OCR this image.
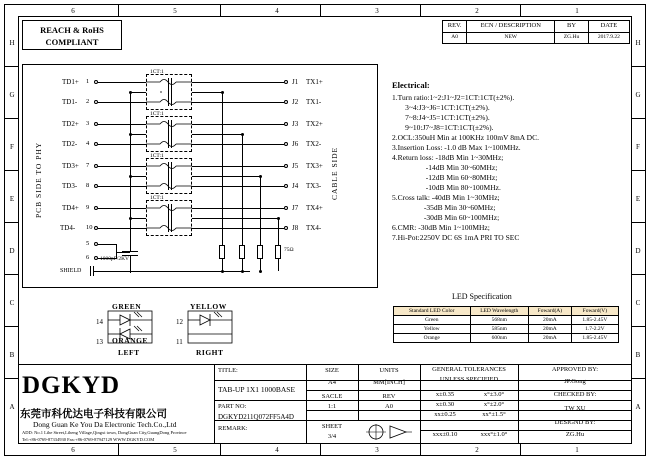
H
G
F
E
D
C
B
A
H
G
F
E
D
C
B
A
6	5	4	3	2	1
6	5	4	3	2	1
REACH & RoHS
COMPLIANT
REV.	ECN / DESCRIPTION	BY	DATE
A0	NEW	ZG.Hu	2017.9.22
PCB SIDE TO PHY	CABLE SIDE
TD1+ 1
TD1- 2
TD2+ 3
TD2- 4
TD3+ 7
TD3- 8
TD4+ 9
TD4- 10
5
6 1000pF/2KV
SHIELD
1CT:1
1CT:1
1CT:1
1CT:1
75Ω
J1 TX1+
J2 TX1-
J3 TX2+
J6 TX2-
J5 TX3+
J4 TX3-
J7 TX4+
J8 TX4-
GREEN
ORANGE
YELLOW
LEFT	RIGHT
14
13
12
11
Electrical:
1.Turn ratio:1~2:J1~J2=1CT:1CT(±2%).
3~4:J3~J6=1CT:1CT(±2%).
7~8:J4~J5=1CT:1CT(±2%).
9~10:J7~J8=1CT:1CT(±2%).
2.OCL:350uH Min at 100KHz 100mV 8mA DC.
3.Insertion Loss: -1.0 dB Max 1~100MHz.
4.Return loss: -18dB Min 1~30MHz;
-14dB Min 30~60MHz;
-12dB Min 60~80MHz;
-10dB Min 80~100MHz.
5.Cross talk: -40dB Min 1~30MHz;
-35dB Min 30~60MHz;
-30dB Min 60~100MHz;
6.CMR: -30dB Min 1~100MHz;
7.Hi-Pot:2250V DC 6S 1mA PRI TO SEC
LED Specification
Standard LED Color	LED Wavelength	Foward(A)	Foward(V)
Green	568nm	20mA	1.85-2.45V
Yellow	585nm	20mA	1.7-2.2V
Orange	600nm	20mA	1.85-2.45V
TITLE:
TAB-UP 1X1 1000BASE
PART NO:
DGKYD211Q072FF5A4D
REMARK:
SIZE
A4
SACLE
1:1
SHEET
3/4
UNITS
MM[INCH]
REV
A0
GENERAL TOLERANCES
UNLESS SPECIFIED
x±0.35	x°±3.0°
x±0.30	x°±2.0°
xx±0.25	xx°±1.5°
xxx±0.10	xxx°±1.0°
APPROVED BY:
JP.Gong
CHECKED BY:
TW XU
DESIGND BY:
ZG.Hu
DGKYD
东莞市科优达电子科技有限公司
Dong Guan Ke You Da Electronic Tech.Co.,Ltd
ADD: No.1 Lihe Street,Liheng Village,Qingxi town, DongGuan City,GuangDong Province
Tel:+86-0769-87334930 Fax:+86-0769-87947129 WWW.DGKYD.COM
